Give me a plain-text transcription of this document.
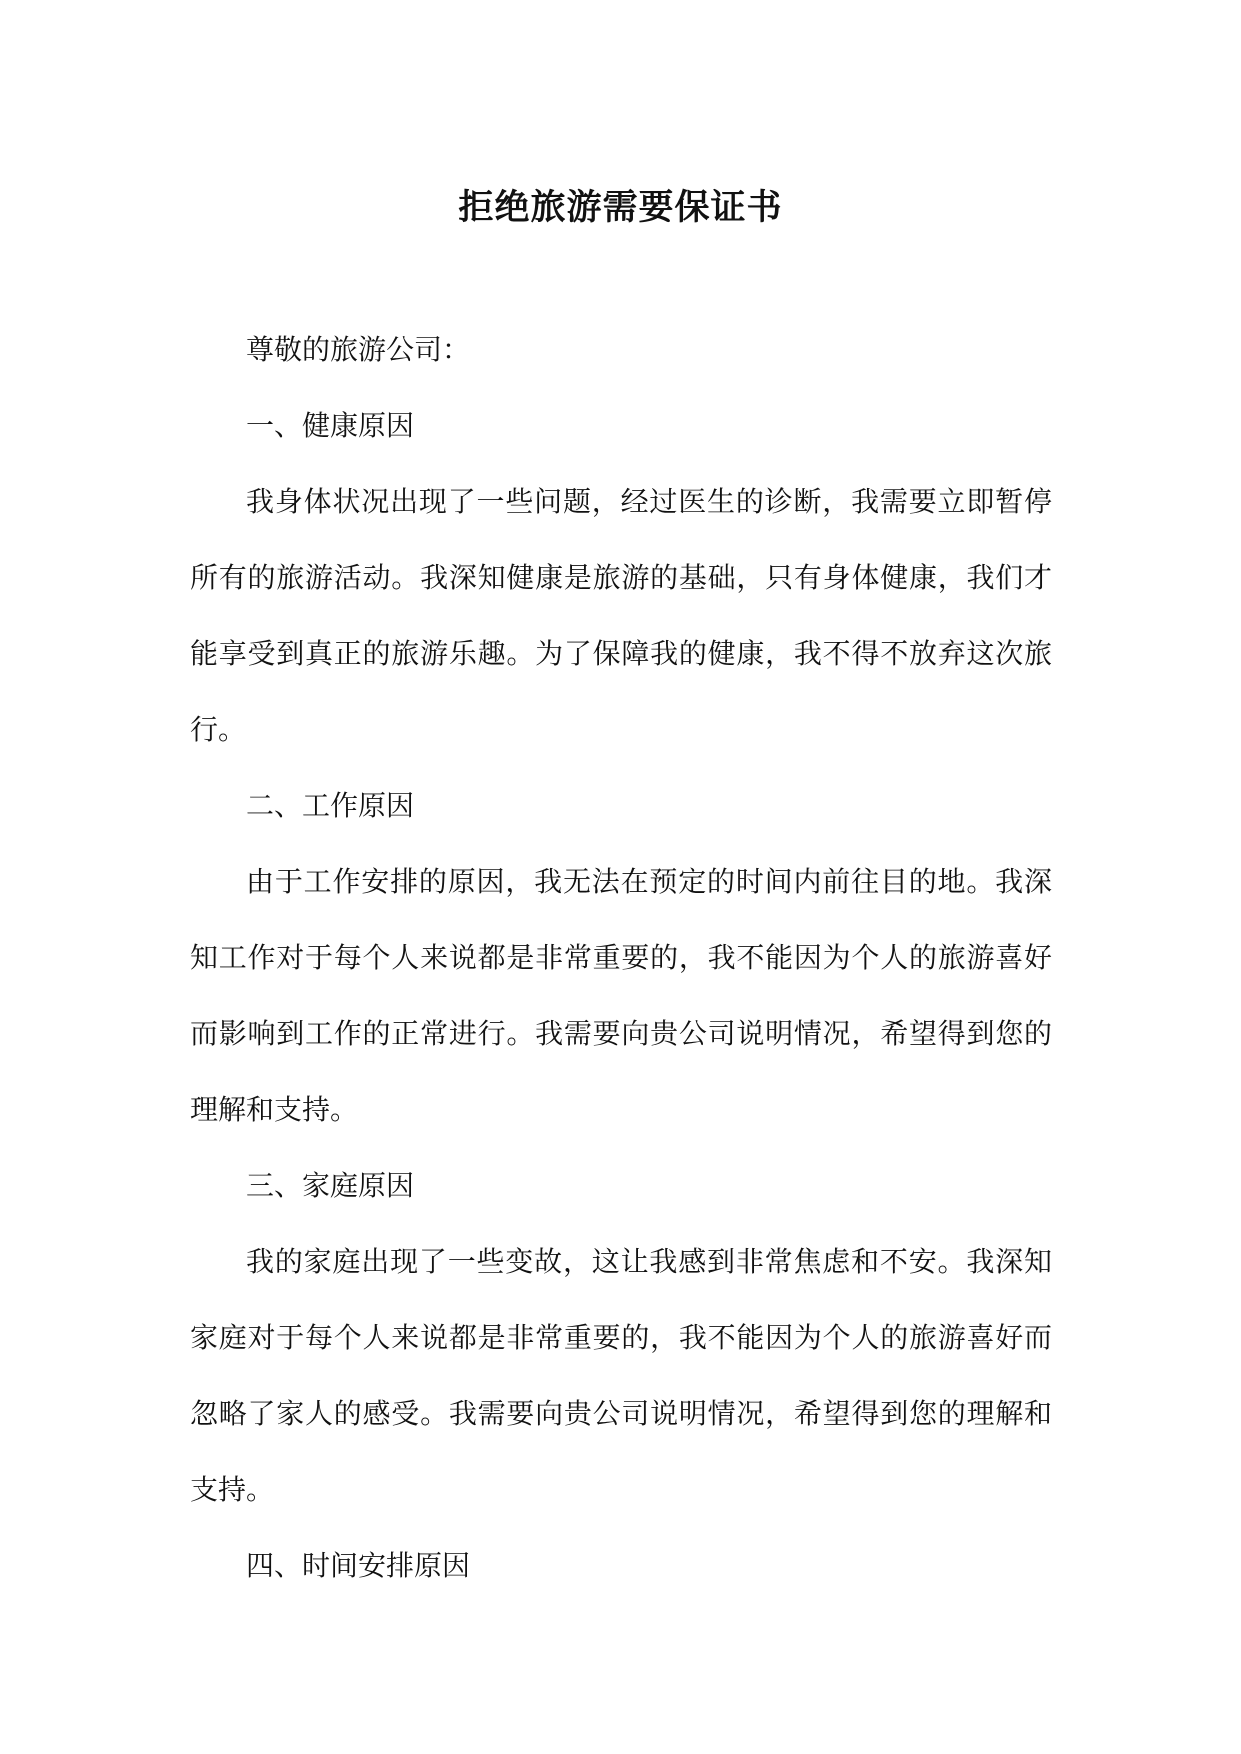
拒绝旅游需要保证书

尊敬的旅游公司：

一、健康原因

我身体状况出现了一些问题，经过医生的诊断，我需要立即暂停所有的旅游活动。我深知健康是旅游的基础，只有身体健康，我们才能享受到真正的旅游乐趣。为了保障我的健康，我不得不放弃这次旅行。

二、工作原因

由于工作安排的原因，我无法在预定的时间内前往目的地。我深知工作对于每个人来说都是非常重要的，我不能因为个人的旅游喜好而影响到工作的正常进行。我需要向贵公司说明情况，希望得到您的理解和支持。

三、家庭原因

我的家庭出现了一些变故，这让我感到非常焦虑和不安。我深知家庭对于每个人来说都是非常重要的，我不能因为个人的旅游喜好而忽略了家人的感受。我需要向贵公司说明情况，希望得到您的理解和支持。

四、时间安排原因
